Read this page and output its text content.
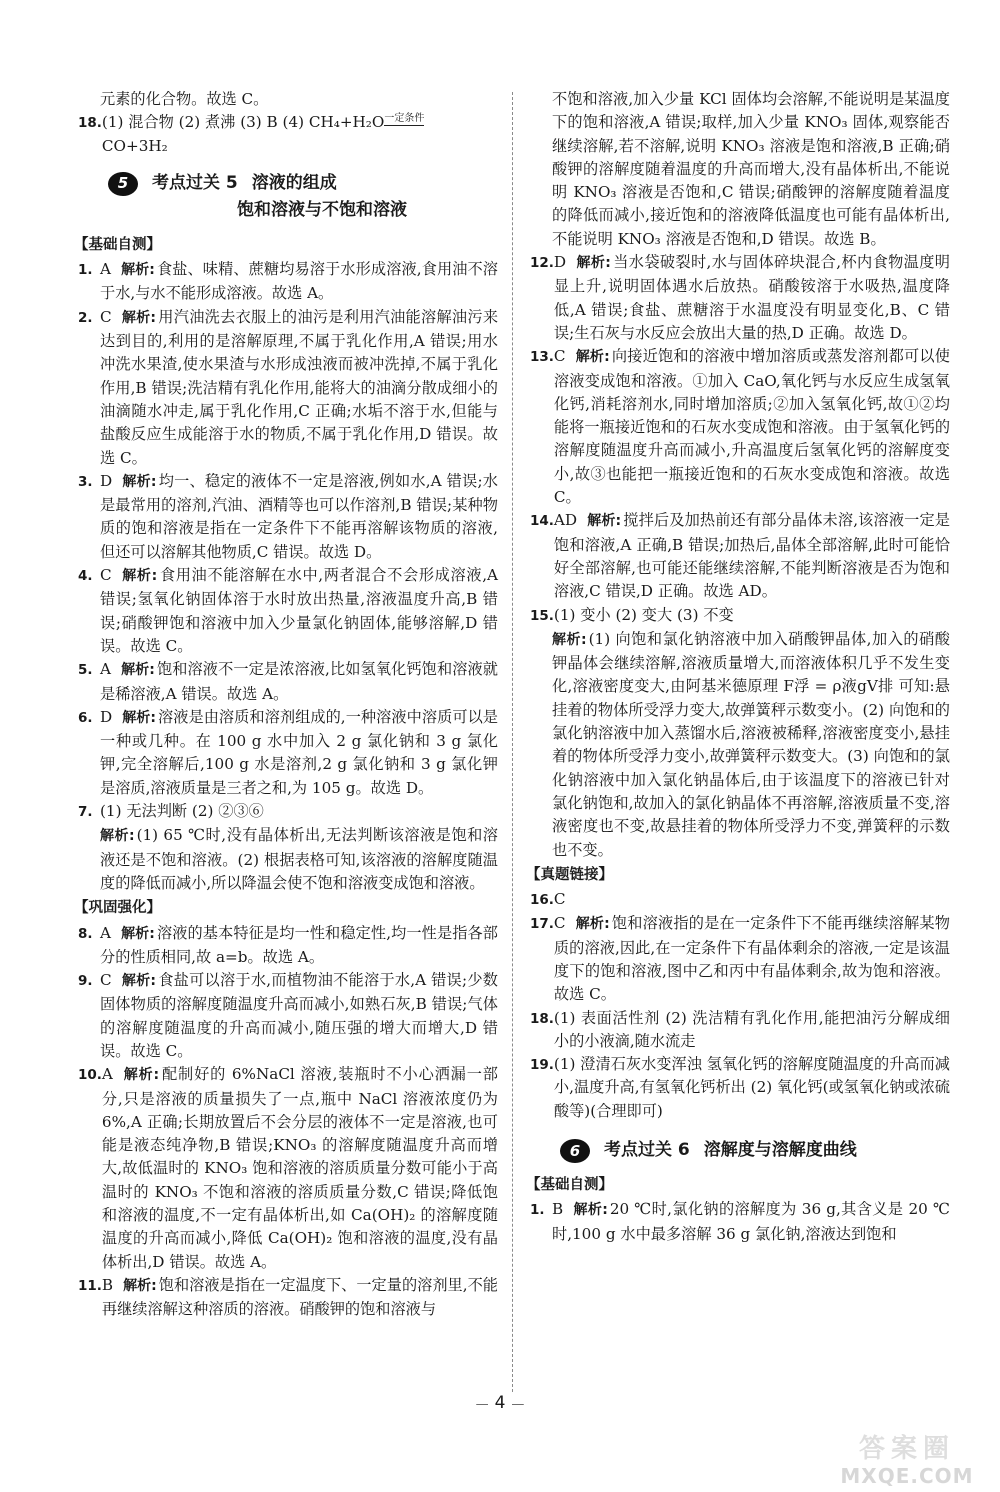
元素的化合物。故选 C。
18. (1) 混合物 (2) 煮沸 (3) B (4) CH₄+H₂O一定条件
CO+3H₂
5	考点过关 5 溶液的组成
饱和溶液与不饱和溶液
【基础自测】
1. A 解析: 食盐、味精、蔗糖均易溶于水形成溶液,食用油不溶于水,与水不能形成溶液。故选 A。
2. C 解析: 用汽油洗去衣服上的油污是利用汽油能溶解油污来达到目的,利用的是溶解原理,不属于乳化作用,A 错误;用水冲洗水果渣,使水果渣与水形成浊液而被冲洗掉,不属于乳化作用,B 错误;洗洁精有乳化作用,能将大的油滴分散成细小的油滴随水冲走,属于乳化作用,C 正确;水垢不溶于水,但能与盐酸反应生成能溶于水的物质,不属于乳化作用,D 错误。故选 C。
3. D 解析: 均一、稳定的液体不一定是溶液,例如水,A 错误;水是最常用的溶剂,汽油、酒精等也可以作溶剂,B 错误;某种物质的饱和溶液是指在一定条件下不能再溶解该物质的溶液,但还可以溶解其他物质,C 错误。故选 D。
4. C 解析: 食用油不能溶解在水中,两者混合不会形成溶液,A 错误;氢氧化钠固体溶于水时放出热量,溶液温度升高,B 错误;硝酸钾饱和溶液中加入少量氯化钠固体,能够溶解,D 错误。故选 C。
5. A 解析: 饱和溶液不一定是浓溶液,比如氢氧化钙饱和溶液就是稀溶液,A 错误。故选 A。
6. D 解析: 溶液是由溶质和溶剂组成的,一种溶液中溶质可以是一种或几种。在 100 g 水中加入 2 g 氯化钠和 3 g 氯化钾,完全溶解后,100 g 水是溶剂,2 g 氯化钠和 3 g 氯化钾是溶质,溶液质量是三者之和,为 105 g。故选 D。
7. (1) 无法判断 (2) ②③⑥
解析: (1) 65 ℃时,没有晶体析出,无法判断该溶液是饱和溶液还是不饱和溶液。(2) 根据表格可知,该溶液的溶解度随温度的降低而减小,所以降温会使不饱和溶液变成饱和溶液。
【巩固强化】
8. A 解析: 溶液的基本特征是均一性和稳定性,均一性是指各部分的性质相同,故 a=b。故选 A。
9. C 解析: 食盐可以溶于水,而植物油不能溶于水,A 错误;少数固体物质的溶解度随温度升高而减小,如熟石灰,B 错误;气体的溶解度随温度的升高而减小,随压强的增大而增大,D 错误。故选 C。
10. A 解析: 配制好的 6%NaCl 溶液,装瓶时不小心洒漏一部分,只是溶液的质量损失了一点,瓶中 NaCl 溶液浓度仍为 6%,A 正确;长期放置后不会分层的液体不一定是溶液,也可能是液态纯净物,B 错误;KNO₃ 的溶解度随温度升高而增大,故低温时的 KNO₃ 饱和溶液的溶质质量分数可能小于高温时的 KNO₃ 不饱和溶液的溶质质量分数,C 错误;降低饱和溶液的温度,不一定有晶体析出,如 Ca(OH)₂ 的溶解度随温度的升高而减小,降低 Ca(OH)₂ 饱和溶液的温度,没有晶体析出,D 错误。故选 A。
11. B 解析: 饱和溶液是指在一定温度下、一定量的溶剂里,不能再继续溶解这种溶质的溶液。硝酸钾的饱和溶液与
不饱和溶液,加入少量 KCl 固体均会溶解,不能说明是某温度下的饱和溶液,A 错误;取样,加入少量 KNO₃ 固体,观察能否继续溶解,若不溶解,说明 KNO₃ 溶液是饱和溶液,B 正确;硝酸钾的溶解度随着温度的升高而增大,没有晶体析出,不能说明 KNO₃ 溶液是否饱和,C 错误;硝酸钾的溶解度随着温度的降低而减小,接近饱和的溶液降低温度也可能有晶体析出,不能说明 KNO₃ 溶液是否饱和,D 错误。故选 B。
12. D 解析: 当水袋破裂时,水与固体碎块混合,杯内食物温度明显上升,说明固体遇水后放热。硝酸铵溶于水吸热,温度降低,A 错误;食盐、蔗糖溶于水温度没有明显变化,B、C 错误;生石灰与水反应会放出大量的热,D 正确。故选 D。
13. C 解析: 向接近饱和的溶液中增加溶质或蒸发溶剂都可以使溶液变成饱和溶液。①加入 CaO,氧化钙与水反应生成氢氧化钙,消耗溶剂水,同时增加溶质;②加入氢氧化钙,故①②均能将一瓶接近饱和的石灰水变成饱和溶液。由于氢氧化钙的溶解度随温度升高而减小,升高温度后氢氧化钙的溶解度变小,故③也能把一瓶接近饱和的石灰水变成饱和溶液。故选 C。
14. AD 解析: 搅拌后及加热前还有部分晶体未溶,该溶液一定是饱和溶液,A 正确,B 错误;加热后,晶体全部溶解,此时可能恰好全部溶解,也可能还能继续溶解,不能判断溶液是否为饱和溶液,C 错误,D 正确。故选 AD。
15. (1) 变小 (2) 变大 (3) 不变
解析: (1) 向饱和氯化钠溶液中加入硝酸钾晶体,加入的硝酸钾晶体会继续溶解,溶液质量增大,而溶液体积几乎不发生变化,溶液密度变大,由阿基米德原理 F浮 = ρ液gV排 可知:悬挂着的物体所受浮力变大,故弹簧秤示数变小。(2) 向饱和的氯化钠溶液中加入蒸馏水后,溶液被稀释,溶液密度变小,悬挂着的物体所受浮力变小,故弹簧秤示数变大。(3) 向饱和的氯化钠溶液中加入氯化钠晶体后,由于该温度下的溶液已针对氯化钠饱和,故加入的氯化钠晶体不再溶解,溶液质量不变,溶液密度也不变,故悬挂着的物体所受浮力不变,弹簧秤的示数也不变。
【真题链接】
16. C
17. C 解析: 饱和溶液指的是在一定条件下不能再继续溶解某物质的溶液,因此,在一定条件下有晶体剩余的溶液,一定是该温度下的饱和溶液,图中乙和丙中有晶体剩余,故为饱和溶液。故选 C。
18. (1) 表面活性剂 (2) 洗洁精有乳化作用,能把油污分解成细小的小液滴,随水流走
19. (1) 澄清石灰水变浑浊 氢氧化钙的溶解度随温度的升高而减小,温度升高,有氢氧化钙析出 (2) 氧化钙(或氢氧化钠或浓硫酸等)(合理即可)
6	考点过关 6 溶解度与溶解度曲线
【基础自测】
1. B 解析: 20 ℃时,氯化钠的溶解度为 36 g,其含义是 20 ℃时,100 g 水中最多溶解 36 g 氯化钠,溶液达到饱和
— 4 —
答案圈
MXQE.COM
